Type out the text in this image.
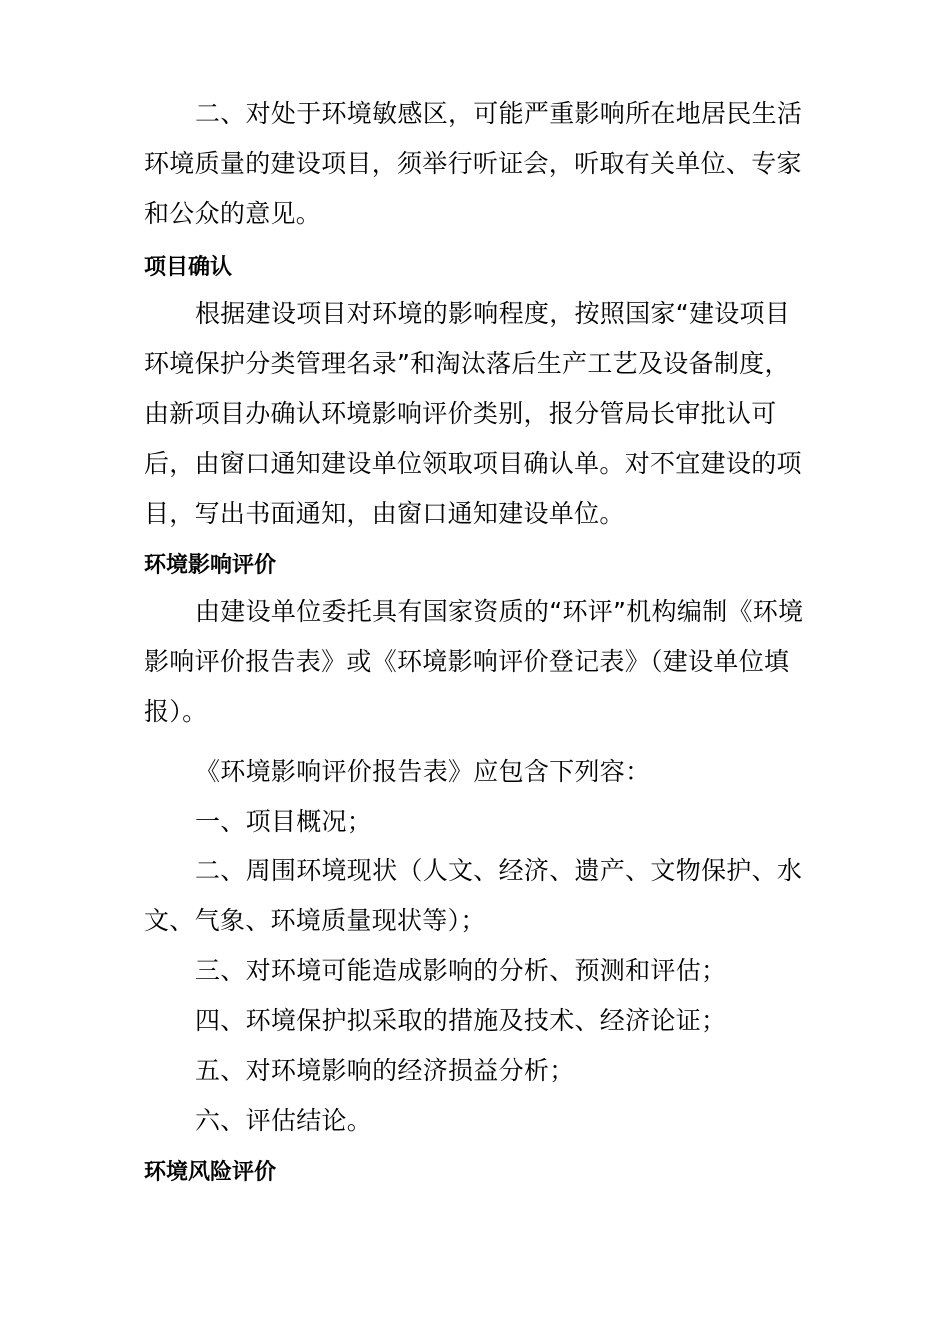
二、对处于环境敏感区，可能严重影响所在地居民生活环境质量的建设项目，须举行听证会，听取有关单位、专家和公众的意见。

项目确认

根据建设项目对环境的影响程度，按照国家“建设项目环境保护分类管理名录”和淘汰落后生产工艺及设备制度，由新项目办确认环境影响评价类别，报分管局长审批认可后，由窗口通知建设单位领取项目确认单。对不宜建设的项目，写出书面通知，由窗口通知建设单位。

环境影响评价

由建设单位委托具有国家资质的“环评”机构编制《环境影响评价报告表》或《环境影响评价登记表》（建设单位填报）。

《环境影响评价报告表》应包含下列容：

一、项目概况；

二、周围环境现状（人文、经济、遗产、文物保护、水文、气象、环境质量现状等）；

三、对环境可能造成影响的分析、预测和评估；

四、环境保护拟采取的措施及技术、经济论证；

五、对环境影响的经济损益分析；

六、评估结论。

环境风险评价
